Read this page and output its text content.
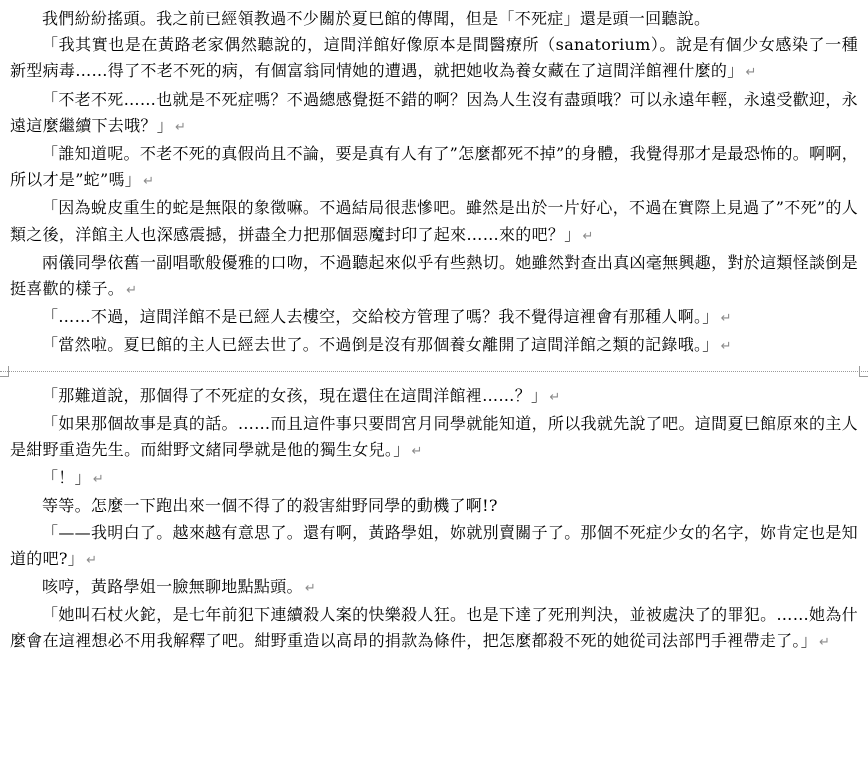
我們紛紛搖頭。我之前已經領教過不少關於夏巳館的傳聞，但是「不死症」還是頭一回聽說。

「我其實也是在黃路老家偶然聽說的，這間洋館好像原本是間醫療所（sanatorium）。說是有個少女感染了一種新型病毒……得了不老不死的病，有個富翁同情她的遭遇，就把她收為養女藏在了這間洋館裡什麼的」 ↵

「不老不死……也就是不死症嗎？不過總感覺挺不錯的啊？因為人生沒有盡頭哦？可以永遠年輕，永遠受歡迎，永遠這麼繼續下去哦？」 ↵

「誰知道呢。不老不死的真假尚且不論，要是真有人有了”怎麼都死不掉”的身體，我覺得那才是最恐怖的。啊啊，所以才是”蛇”嗎」 ↵

「因為蛻皮重生的蛇是無限的象徵嘛。不過結局很悲慘吧。雖然是出於一片好心，不過在實際上見過了”不死”的人類之後，洋館主人也深感震撼，拼盡全力把那個惡魔封印了起來……來的吧？」 ↵

兩儀同學依舊一副唱歌般優雅的口吻，不過聽起來似乎有些熱切。她雖然對查出真凶毫無興趣，對於這類怪談倒是挺喜歡的樣子。 ↵

「……不過，這間洋館不是已經人去樓空，交給校方管理了嗎？我不覺得這裡會有那種人啊。」 ↵

「當然啦。夏巳館的主人已經去世了。不過倒是沒有那個養女離開了這間洋館之類的記錄哦。」 ↵

「那難道說，那個得了不死症的女孩，現在還住在這間洋館裡……？」 ↵

「如果那個故事是真的話。……而且這件事只要問宮月同學就能知道，所以我就先說了吧。這間夏巳館原來的主人是紺野重造先生。而紺野文緒同學就是他的獨生女兒。」 ↵

「！」 ↵

等等。怎麼一下跑出來一個不得了的殺害紺野同學的動機了啊!?

「——我明白了。越來越有意思了。還有啊，黃路學姐，妳就別賣關子了。那個不死症少女的名字，妳肯定也是知道的吧?」 ↵

咳哼，黃路學姐一臉無聊地點點頭。 ↵

「她叫石杖火鉈，是七年前犯下連續殺人案的快樂殺人狂。也是下達了死刑判決，並被處決了的罪犯。……她為什麼會在這裡想必不用我解釋了吧。紺野重造以高昂的捐款為條件，把怎麼都殺不死的她從司法部門手裡帶走了。」 ↵
